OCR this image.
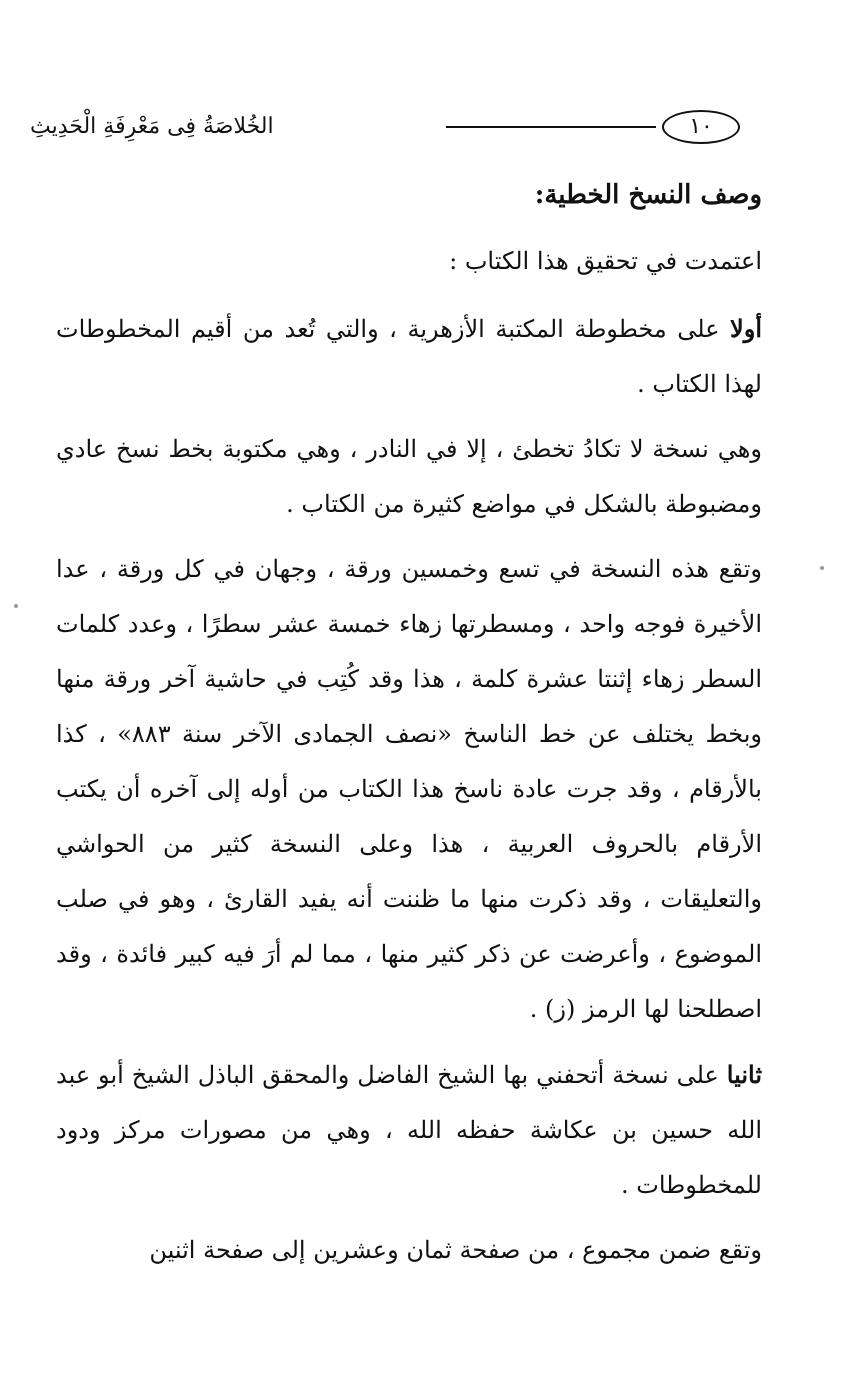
١٠
الخُلاصَةُ فِى مَعْرِفَةِ الْحَدِيثِ
وصف النسخ الخطية:

اعتمدت في تحقيق هذا الكتاب :

أولا على مخطوطة المكتبة الأزهرية ، والتي تُعد من أقيم المخطوطات لهذا الكتاب .

وهي نسخة لا تكادُ تخطئ ، إلا في النادر ، وهي مكتوبة بخط نسخ عادي ومضبوطة بالشكل في مواضع كثيرة من الكتاب .

وتقع هذه النسخة في تسع وخمسين ورقة ، وجهان في كل ورقة ، عدا الأخيرة فوجه واحد ، ومسطرتها زهاء خمسة عشر سطرًا ، وعدد كلمات السطر زهاء إثنتا عشرة كلمة ، هذا وقد كُتِب في حاشية آخر ورقة منها وبخط يختلف عن خط الناسخ «نصف الجمادى الآخر سنة ٨٨٣» ، كذا بالأرقام ، وقد جرت عادة ناسخ هذا الكتاب من أوله إلى آخره أن يكتب الأرقام بالحروف العربية ، هذا وعلى النسخة كثير من الحواشي والتعليقات ، وقد ذكرت منها ما ظننت أنه يفيد القارئ ، وهو في صلب الموضوع ، وأعرضت عن ذكر كثير منها ، مما لم أرَ فيه كبير فائدة ، وقد اصطلحنا لها الرمز (ز) .

ثانيا على نسخة أتحفني بها الشيخ الفاضل والمحقق الباذل الشيخ أبو عبد الله حسين بن عكاشة حفظه الله ، وهي من مصورات مركز ودود للمخطوطات .

وتقع ضمن مجموع ، من صفحة ثمان وعشرين إلى صفحة اثنين
